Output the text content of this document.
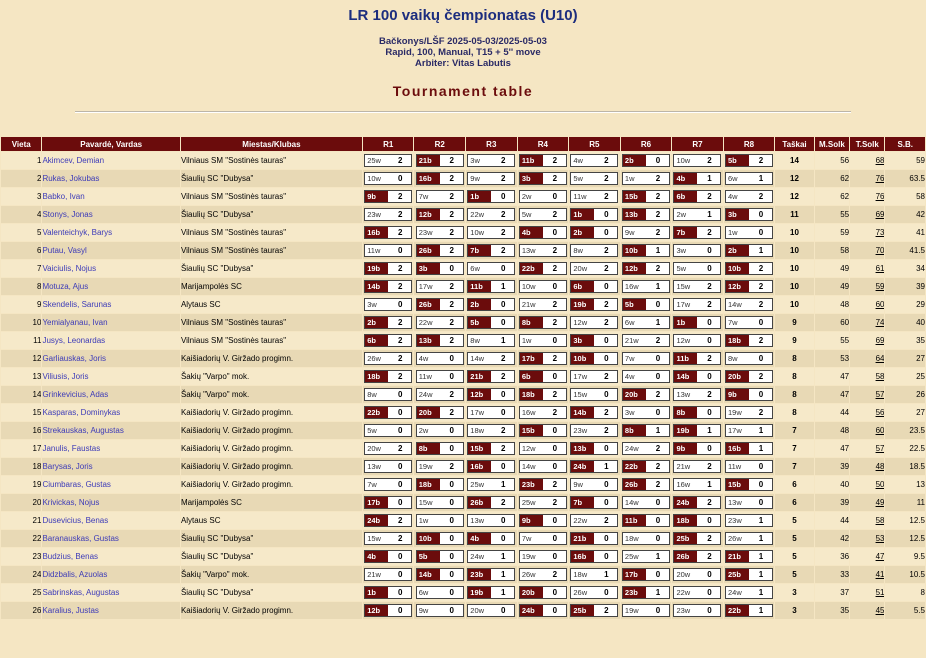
LR 100 vaikų čempionatas (U10)
Bačkonys/LŠF 2025-05-03/2025-05-03
Rapid, 100, Manual, T15 + 5'' move
Arbiter: Vitas Labutis
Tournament table
Vieta	Pavardė, Vardas	Miestas/Klubas	R1	R2	R3	R4	R5	R6	R7	R8	Taškai	M.Solk	T.Solk	S.B.
1	Akimcev, Demian	Vilniaus SM "Sostinės tauras"	25w 2	21b 2	3w 2	11b 2	4w 2	2b 0	10w 2	5b 2	14	56	68	59
2	Rukas, Jokubas	Šiaulių SC "Dubysa"	10w 0	16b 2	9w 2	3b 2	5w 2	1w 2	4b 1	6w 1	12	62	76	63.5
3	Babko, Ivan	Vilniaus SM "Sostinės tauras"	9b 2	7w 2	1b 0	2w 0	11w 2	15b 2	6b 2	4w 2	12	62	76	58
4	Stonys, Jonas	Šiaulių SC "Dubysa"	23w 2	12b 2	22w 2	5w 2	1b 0	13b 2	2w 1	3b 0	11	55	69	42
5	Valenteichyk, Barys	Vilniaus SM "Sostinės tauras"	16b 2	23w 2	10w 2	4b 0	2b 0	9w 2	7b 2	1w 0	10	59	73	41
6	Putau, Vasyl	Vilniaus SM "Sostinės tauras"	11w 0	26b 2	7b 2	13w 2	8w 2	10b 1	3w 0	2b 1	10	58	70	41.5
7	Vaiciulis, Nojus	Šiaulių SC "Dubysa"	19b 2	3b 0	6w 0	22b 2	20w 2	12b 2	5w 0	10b 2	10	49	61	34
8	Motuza, Ajus	Marijampolės SC	14b 2	17w 2	11b 1	10w 0	6b 0	16w 1	15w 2	12b 2	10	49	59	39
9	Skendelis, Sarunas	Alytaus SC	3w 0	26b 2	2b 0	21w 2	19b 2	5b 0	17w 2	14w 2	10	48	60	29
10	Yemialyanau, Ivan	Vilniaus SM "Sostinės tauras"	2b 2	22w 2	5b 0	8b 2	12w 2	6w 1	1b 0	7w 0	9	60	74	40
11	Jusys, Leonardas	Vilniaus SM "Sostinės tauras"	6b 2	13b 2	8w 1	1w 0	3b 0	21w 2	12w 0	18b 2	9	55	69	35
12	Garliauskas, Joris	Kaišiadorių V. Giržado progimn.	26w 2	4w 0	14w 2	17b 2	10b 0	7w 0	11b 2	8w 0	8	53	64	27
13	Viliusis, Joris	Šakių "Varpo" mok.	18b 2	11w 0	21b 2	6b 0	17w 2	4w 0	14b 0	20b 2	8	47	58	25
14	Grinkevicius, Adas	Šakių "Varpo" mok.	8w 0	24w 2	12b 0	18b 2	15w 0	20b 2	13w 2	9b 0	8	47	57	26
15	Kasparas, Dominykas	Kaišiadorių V. Giržado progimn.	22b 0	20b 2	17w 0	16w 2	14b 2	3w 0	8b 0	19w 2	8	44	56	27
16	Strekauskas, Augustas	Kaišiadorių V. Giržado progimn.	5w 0	2w 0	18w 2	15b 0	23w 2	8b 1	19b 1	17w 1	7	48	60	23.5
17	Janulis, Faustas	Kaišiadorių V. Giržado progimn.	20w 2	8b 0	15b 2	12w 0	13b 0	24w 2	9b 0	16b 1	7	47	57	22.5
18	Barysas, Joris	Kaišiadorių V. Giržado progimn.	13w 0	19w 2	16b 0	14w 0	24b 1	22b 2	21w 2	11w 0	7	39	48	18.5
19	Ciumbaras, Gustas	Kaišiadorių V. Giržado progimn.	7w 0	18b 0	25w 1	23b 2	9w 0	26b 2	16w 1	15b 0	6	40	50	13
20	Krivickas, Nojus	Marijampolės SC	17b 0	15w 0	26b 2	25w 2	7b 0	14w 0	24b 2	13w 0	6	39	49	11
21	Dusevicius, Benas	Alytaus SC	24b 2	1w 0	13w 0	9b 0	22w 2	11b 0	18b 0	23w 1	5	44	58	12.5
22	Baranauskas, Gustas	Šiaulių SC "Dubysa"	15w 2	10b 0	4b 0	7w 0	21b 0	18w 0	25b 2	26w 1	5	42	53	12.5
23	Budzius, Benas	Šiaulių SC "Dubysa"	4b 0	5b 0	24w 1	19w 0	16b 0	25w 1	26b 2	21b 1	5	36	47	9.5
24	Didzbalis, Azuolas	Šakių "Varpo" mok.	21w 0	14b 0	23b 1	26w 2	18w 1	17b 0	20w 0	25b 1	5	33	41	10.5
25	Sabrinskas, Augustas	Šiaulių SC "Dubysa"	1b 0	6w 0	19b 1	20b 0	26w 0	23b 1	22w 0	24w 1	3	37	51	8
26	Karalius, Justas	Kaišiadorių V. Giržado progimn.	12b 0	9w 0	20w 0	24b 0	25b 2	19w 0	23w 0	22b 1	3	35	45	5.5
